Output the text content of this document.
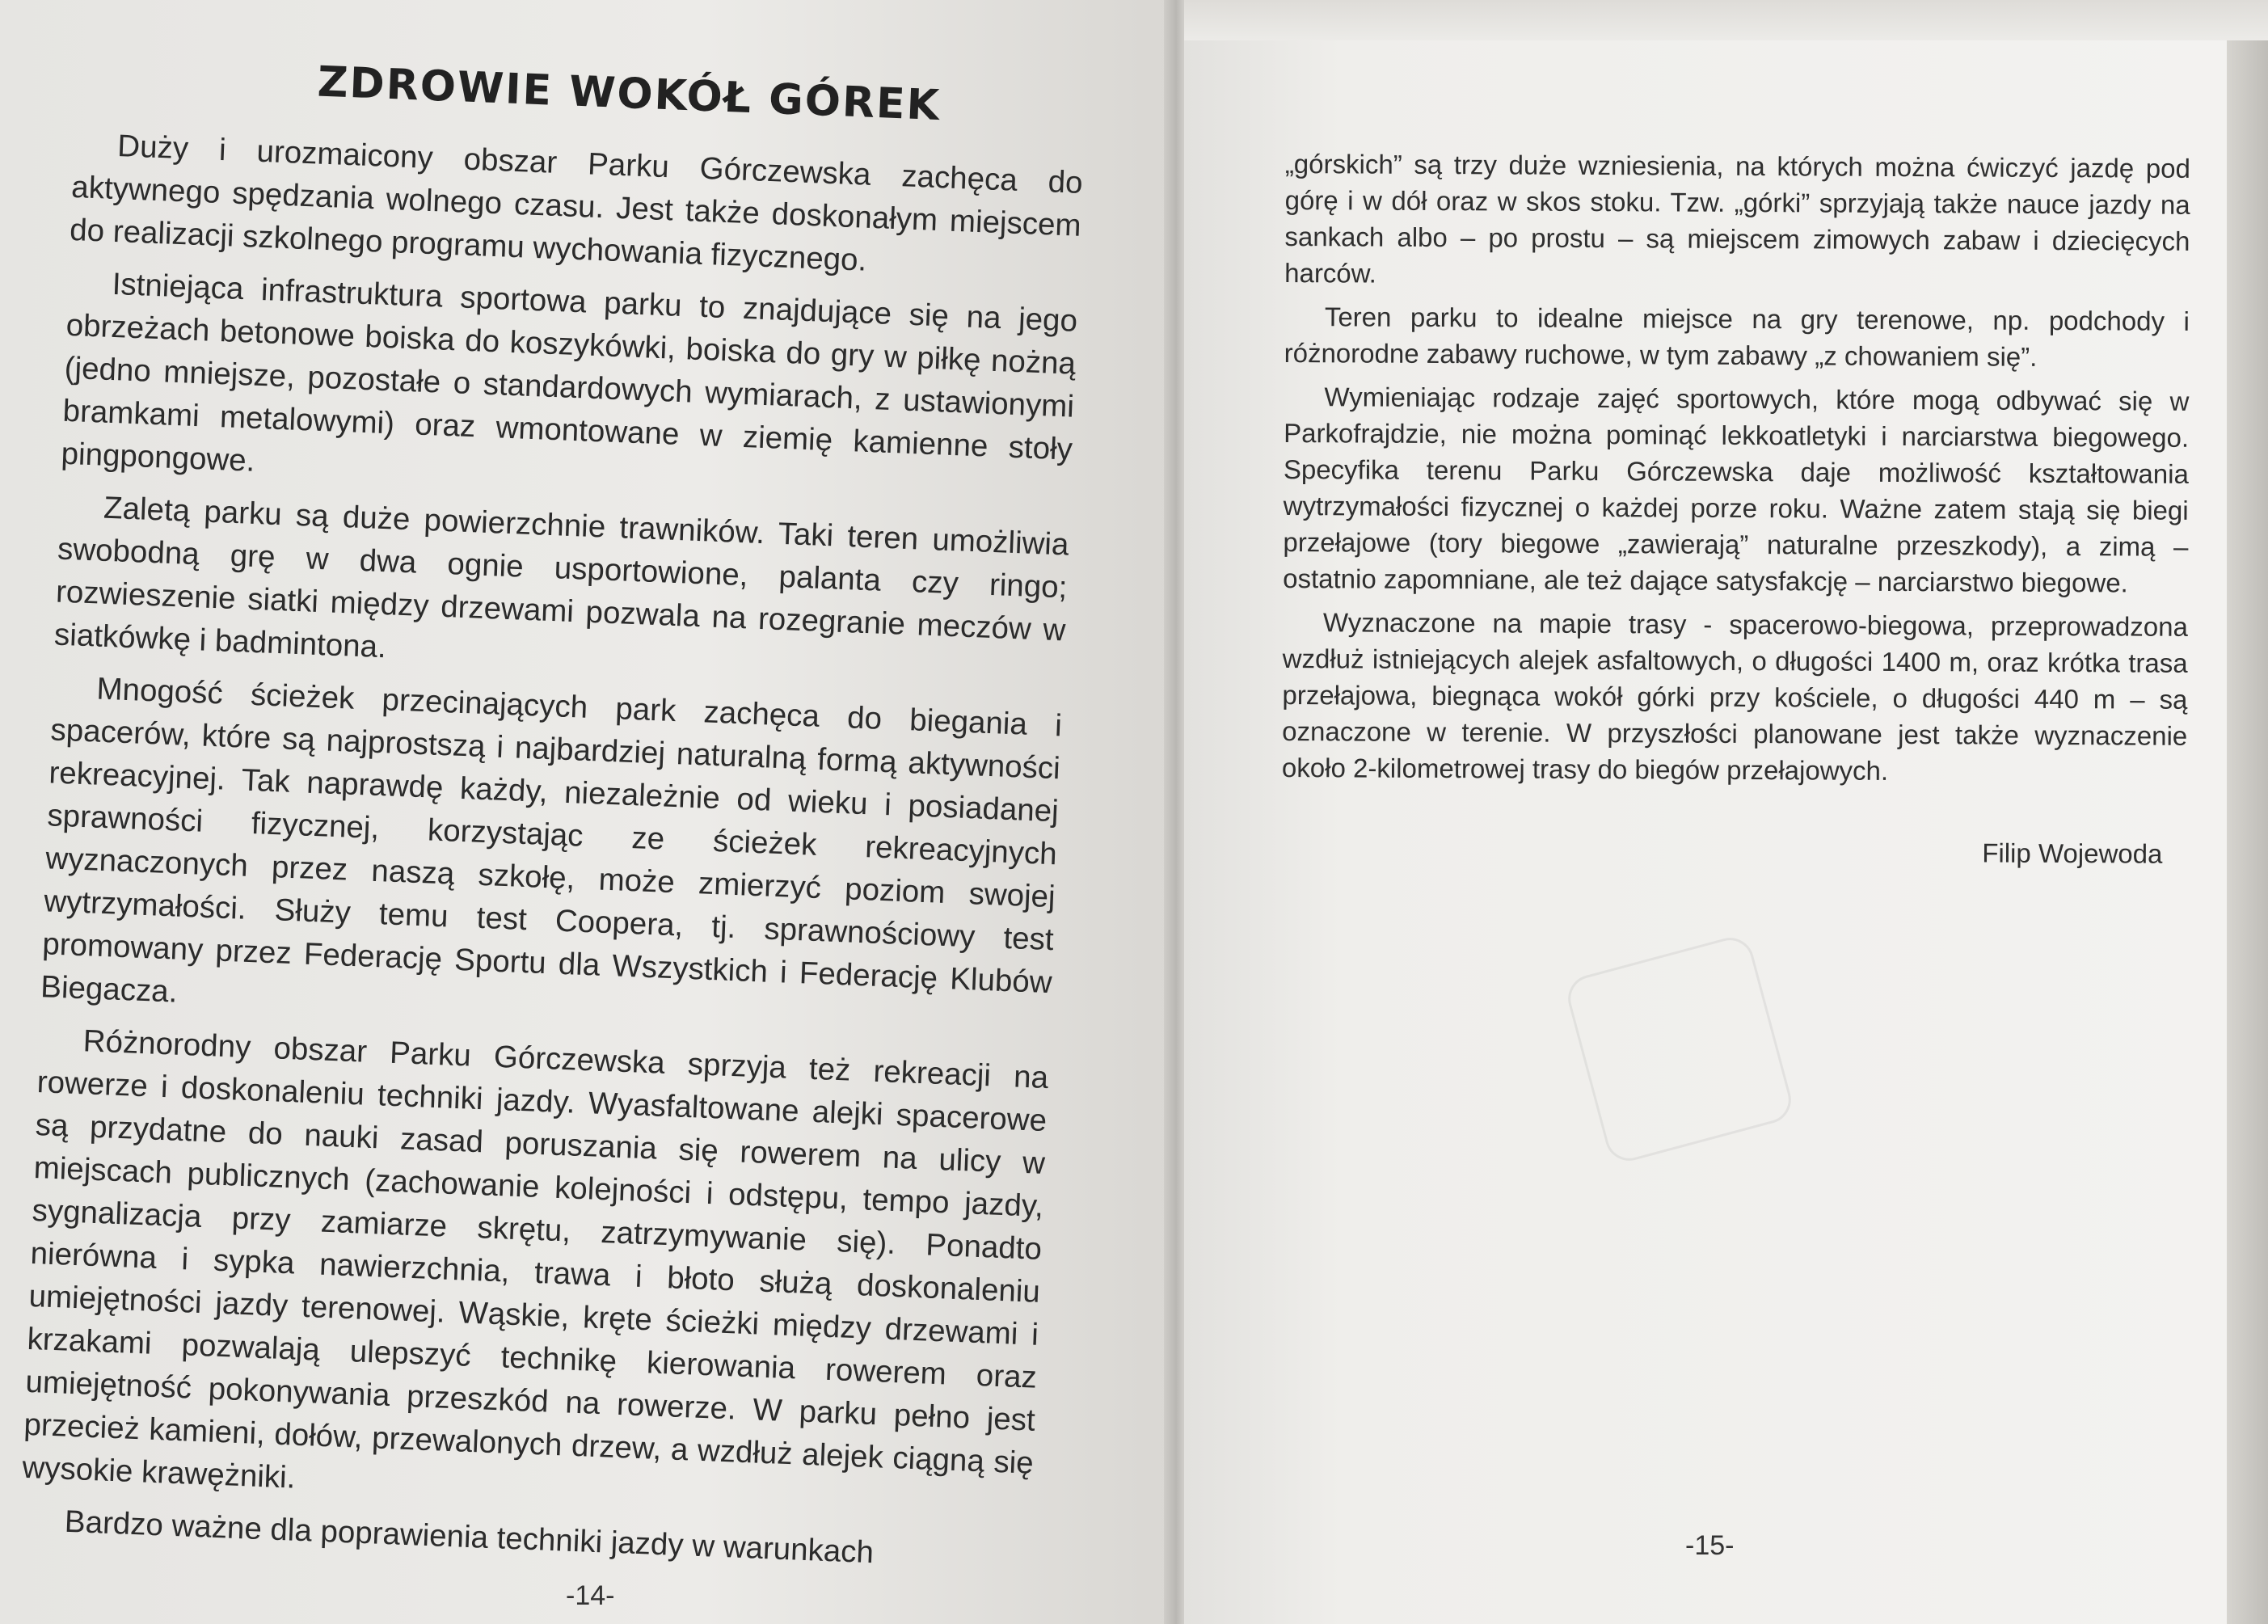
ZDROWIE WOKÓŁ GÓREK

Duży i urozmaicony obszar Parku Górczewska zachęca do aktywnego spędzania wolnego czasu. Jest także doskonałym miejscem do realizacji szkolnego programu wychowania fizycznego.

Istniejąca infrastruktura sportowa parku to znajdujące się na jego obrzeżach betonowe boiska do koszykówki, boiska do gry w piłkę nożną (jedno mniejsze, pozostałe o standardowych wymiarach, z ustawionymi bramkami metalowymi) oraz wmontowane w ziemię kamienne stoły pingpongowe.

Zaletą parku są duże powierzchnie trawników. Taki teren umożliwia swobodną grę w dwa ognie usportowione, palanta czy ringo; rozwieszenie siatki między drzewami pozwala na rozegranie meczów w siatkówkę i badmintona.

Mnogość ścieżek przecinających park zachęca do biegania i spacerów, które są najprostszą i najbardziej naturalną formą aktywności rekreacyjnej. Tak naprawdę każdy, niezależnie od wieku i posiadanej sprawności fizycznej, korzystając ze ścieżek rekreacyjnych wyznaczonych przez naszą szkołę, może zmierzyć poziom swojej wytrzymałości. Służy temu test Coopera, tj. sprawnościowy test promowany przez Federację Sportu dla Wszystkich i Federację Klubów Biegacza.

Różnorodny obszar Parku Górczewska sprzyja też rekreacji na rowerze i doskonaleniu techniki jazdy. Wyasfaltowane alejki spacerowe są przydatne do nauki zasad poruszania się rowerem na ulicy w miejscach publicznych (zachowanie kolejności i odstępu, tempo jazdy, sygnalizacja przy zamiarze skrętu, zatrzymywanie się). Ponadto nierówna i sypka nawierzchnia, trawa i błoto służą doskonaleniu umiejętności jazdy terenowej. Wąskie, kręte ścieżki między drzewami i krzakami pozwalają ulepszyć technikę kierowania rowerem oraz umiejętność pokonywania przeszkód na rowerze. W parku pełno jest przecież kamieni, dołów, przewalonych drzew, a wzdłuż alejek ciągną się wysokie krawężniki.

Bardzo ważne dla poprawienia techniki jazdy w warunkach

-14-

„górskich” są trzy duże wzniesienia, na których można ćwiczyć jazdę pod górę i w dół oraz w skos stoku. Tzw. „górki” sprzyjają także nauce jazdy na sankach albo – po prostu – są miejscem zimowych zabaw i dziecięcych harców.

Teren parku to idealne miejsce na gry terenowe, np. podchody i różnorodne zabawy ruchowe, w tym zabawy „z chowaniem się”.

Wymieniając rodzaje zajęć sportowych, które mogą odbywać się w Parkofrajdzie, nie można pominąć lekkoatletyki i narciarstwa biegowego. Specyfika terenu Parku Górczewska daje możliwość kształtowania wytrzymałości fizycznej o każdej porze roku. Ważne zatem stają się biegi przełajowe (tory biegowe „zawierają” naturalne przeszkody), a zimą – ostatnio zapomniane, ale też dające satysfakcję – narciarstwo biegowe.

Wyznaczone na mapie trasy - spacerowo-biegowa, przeprowadzona wzdłuż istniejących alejek asfaltowych, o długości 1400 m, oraz krótka trasa przełajowa, biegnąca wokół górki przy kościele, o długości 440 m – są oznaczone w terenie. W przyszłości planowane jest także wyznaczenie około 2-kilometrowej trasy do biegów przełajowych.

Filip Wojewoda
-15-
